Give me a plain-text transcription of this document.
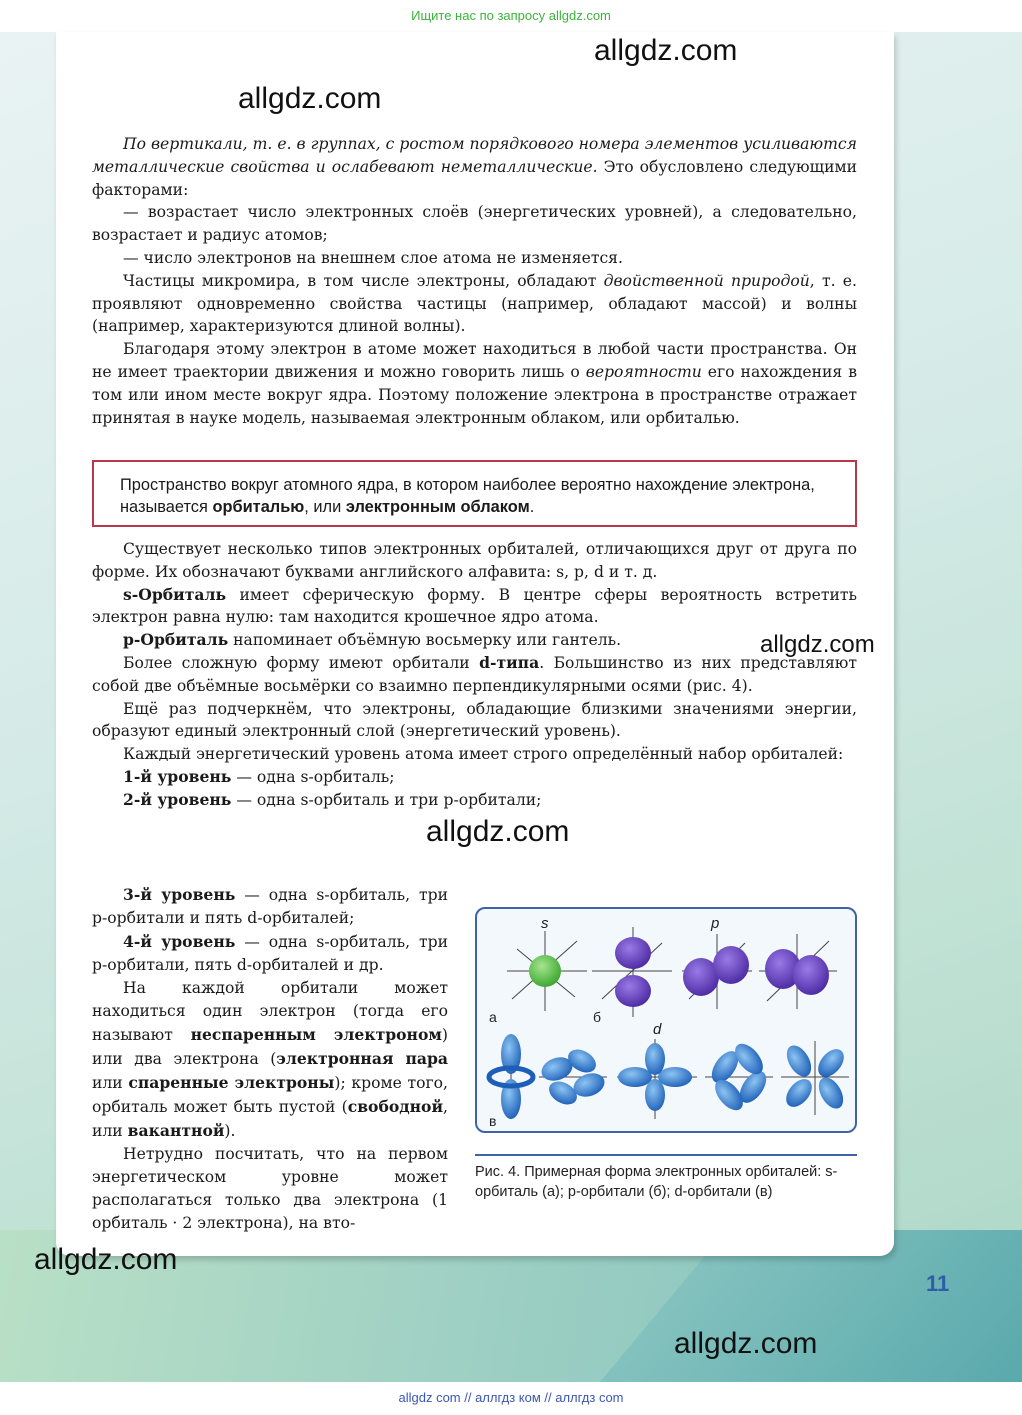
Ищите нас по запросу allgdz.com
allgdz.com
allgdz.com

По вертикали, т. е. в группах, с ростом порядкового номера элементов усиливаются металлические свойства и ослабевают неметаллические. Это обусловлено следующими факторами:

— возрастает число электронных слоёв (энергетических уровней), а следовательно, возрастает и радиус атомов;

— число электронов на внешнем слое атома не изменяется.

Частицы микромира, в том числе электроны, обладают двойственной природой, т. е. проявляют одновременно свойства частицы (например, обладают массой) и волны (например, характеризуются длиной волны).

Благодаря этому электрон в атоме может находиться в любой части пространства. Он не имеет траектории движения и можно говорить лишь о вероятности его нахождения в том или ином месте вокруг ядра. Поэтому положение электрона в пространстве отражает принятая в науке модель, называемая электронным облаком, или орбиталью.

Пространство вокруг атомного ядра, в котором наиболее вероятно нахождение электрона, называется орбиталью, или электронным облаком.

Существует несколько типов электронных орбиталей, отличающихся друг от друга по форме. Их обозначают буквами английского алфавита: s, p, d и т. д.

s-Орбиталь имеет сферическую форму. В центре сферы вероятность встретить электрон равна нулю: там находится крошечное ядро атома.

p-Орбиталь напоминает объёмную восьмерку или гантель.

Более сложную форму имеют орбитали d-типа. Большинство из них представляют собой две объёмные восьмёрки со взаимно перпендикулярными осями (рис. 4).

Ещё раз подчеркнём, что электроны, обладающие близкими значениями энергии, образуют единый электронный слой (энергетический уровень).

Каждый энергетический уровень атома имеет строго определённый набор орбиталей:

1-й уровень — одна s-орбиталь;

2-й уровень — одна s-орбиталь и три p-орбитали;

allgdz.com
allgdz.com

3-й уровень — одна s-орбиталь, три p-орбитали и пять d-орбиталей;

4-й уровень — одна s-орбиталь, три p-орбитали, пять d-орбиталей и др.

На каждой орбитали может находиться один электрон (тогда его называют неспаренным электроном) или два электрона (электронная пара или спаренные электроны); кроме того, орбиталь может быть пустой (свободной, или вакантной).

Нетрудно посчитать, что на первом энергетическом уровне может располагаться только два электрона (1 орбиталь · 2 электрона), на вто-

s	p
d
а	б
в
Рис. 4. Примерная форма электронных орбиталей: s-орбиталь (а); p-орбитали (б); d-орбитали (в)
allgdz.com
11
allgdz.com
allgdz com // аллгдз ком // аллгдз com
